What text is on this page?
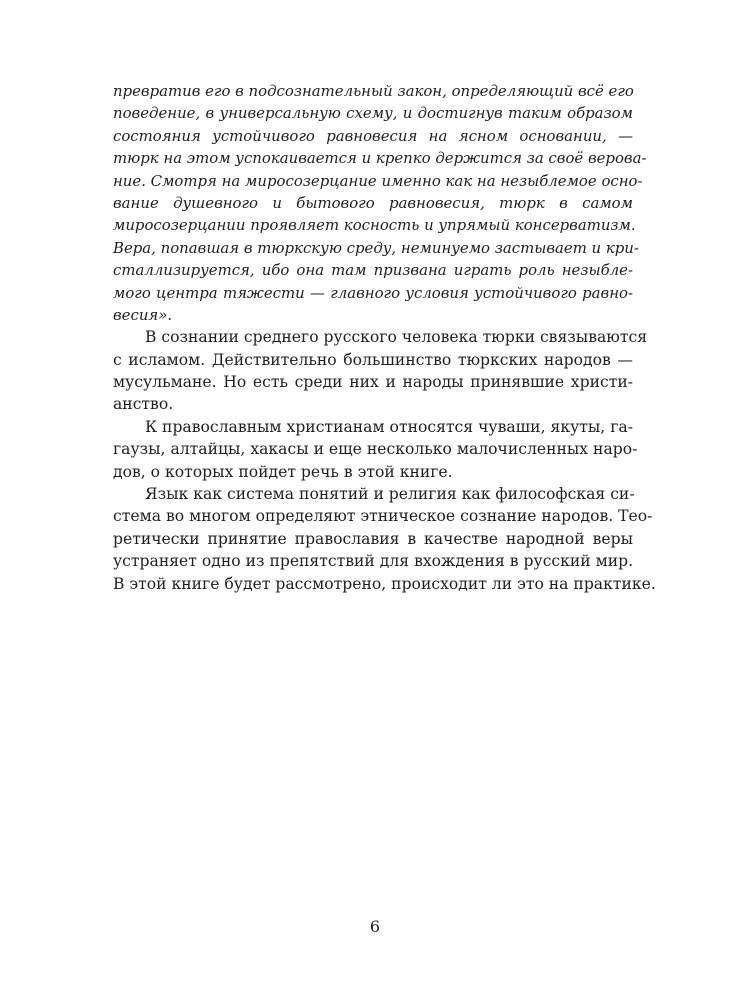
превратив его в подсознательный закон, определяющий всё его
поведение, в универсальную схему, и достигнув таким образом
состояния устойчивого равновесия на ясном основании, —
тюрк на этом успокаивается и крепко держится за своё верова-
ние. Смотря на миросозерцание именно как на незыблемое осно-
вание душевного и бытового равновесия, тюрк в самом
миросозерцании проявляет косность и упрямый консерватизм.
Вера, попавшая в тюркскую среду, неминуемо застывает и кри-
сталлизируется, ибо она там призвана играть роль незыбле-
мого центра тяжести — главного условия устойчивого равно-
весия».
В сознании среднего русского человека тюрки связываются
с исламом. Действительно большинство тюркских народов —
мусульмане. Но есть среди них и народы принявшие христи-
анство.
К православным христианам относятся чуваши, якуты, га-
гаузы, алтайцы, хакасы и еще несколько малочисленных наро-
дов, о которых пойдет речь в этой книге.
Язык как система понятий и религия как философская си-
стема во многом определяют этническое сознание народов. Тео-
ретически принятие православия в качестве народной веры
устраняет одно из препятствий для вхождения в русский мир.
В этой книге будет рассмотрено, происходит ли это на практике.
6
